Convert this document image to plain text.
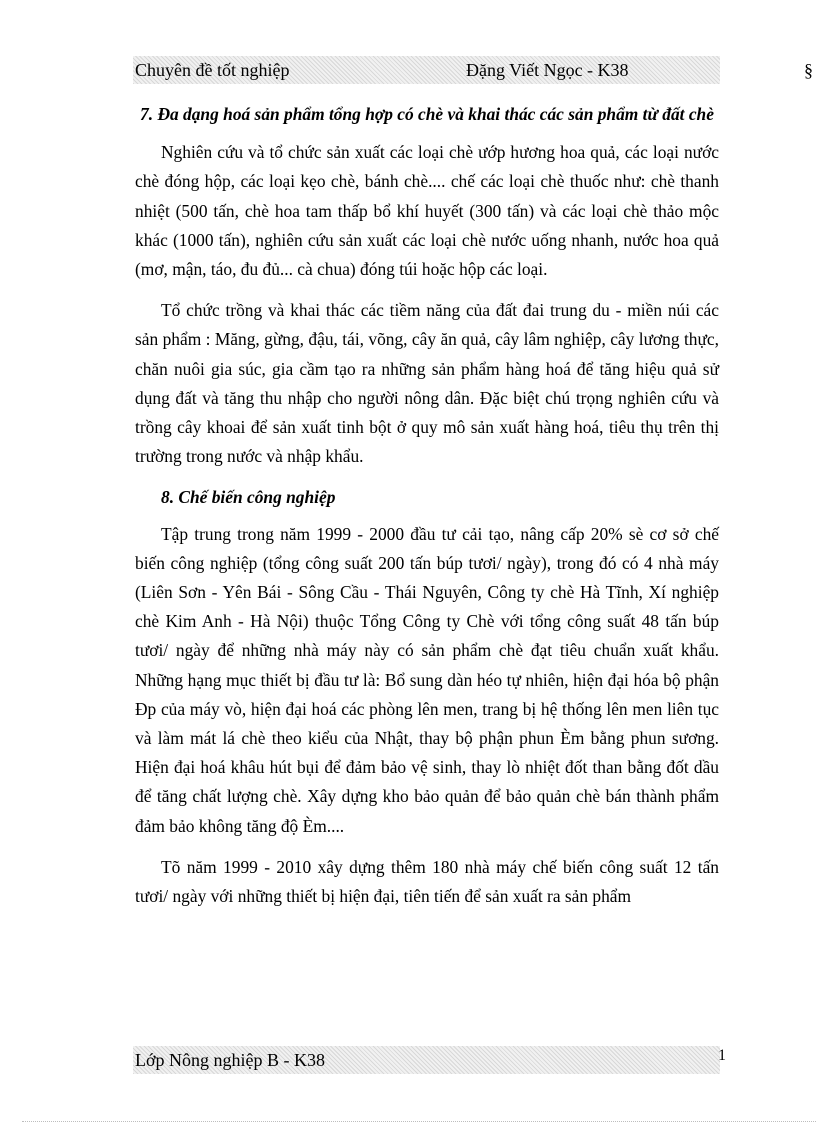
Chuyên đề tốt nghiệp	Đặng Viết Ngọc - K38	§

7. Đa dạng hoá sản phẩm tổng hợp có chè và khai thác các sản phẩm từ đất chè

Nghiên cứu và tổ chức sản xuất các loại chè ướp hương hoa quả, các loại nước chè đóng hộp, các loại kẹo chè, bánh chè.... chế các loại chè thuốc như: chè thanh nhiệt (500 tấn, chè hoa tam thấp bổ khí huyết (300 tấn) và các loại chè thảo mộc khác (1000 tấn), nghiên cứu sản xuất các loại chè nước uống nhanh, nước hoa quả (mơ, mận, táo, đu đủ... cà chua) đóng túi hoặc hộp các loại.

Tổ chức trồng và khai thác các tiềm năng của đất đai trung du - miền núi các sản phẩm : Măng, gừng, đậu, tái, võng, cây ăn quả, cây lâm nghiệp, cây lương thực, chăn nuôi gia súc, gia cầm tạo ra những sản phẩm hàng hoá để tăng hiệu quả sử dụng đất và tăng thu nhập cho người nông dân. Đặc biệt chú trọng nghiên cứu và trồng cây khoai để sản xuất tinh bột ở quy mô sản xuất hàng hoá, tiêu thụ trên thị trường trong nước và nhập khẩu.

8. Chế biến công nghiệp

Tập trung trong năm 1999 - 2000 đầu tư cải tạo, nâng cấp 20% sè cơ sở chế biến công nghiệp (tổng công suất 200 tấn búp tươi/ ngày), trong đó có 4 nhà máy (Liên Sơn - Yên Bái - Sông Cầu - Thái Nguyên, Công ty chè Hà Tĩnh, Xí nghiệp chè Kim Anh - Hà Nội) thuộc Tổng Công ty Chè với tổng công suất 48 tấn búp tươi/ ngày để những nhà máy này có sản phẩm chè đạt tiêu chuẩn xuất khẩu. Những hạng mục thiết bị đầu tư là: Bổ sung dàn héo tự nhiên, hiện đại hóa bộ phận Ðp của máy vò, hiện đại hoá các phòng lên men, trang bị hệ thống lên men liên tục và làm mát lá chè theo kiểu của Nhật, thay bộ phận phun Èm bằng phun sương. Hiện đại hoá khâu hút bụi để đảm bảo vệ sinh, thay lò nhiệt đốt than bằng đốt dầu để tăng chất lượng chè. Xây dựng kho bảo quản để bảo quản chè bán thành phẩm đảm bảo không tăng độ Èm....

Tõ năm 1999 - 2010 xây dựng thêm 180 nhà máy chế biến công suất 12 tấn tươi/ ngày với những thiết bị hiện đại, tiên tiến để sản xuất ra sản phẩm

Lớp Nông nghiệp B - K38	1
